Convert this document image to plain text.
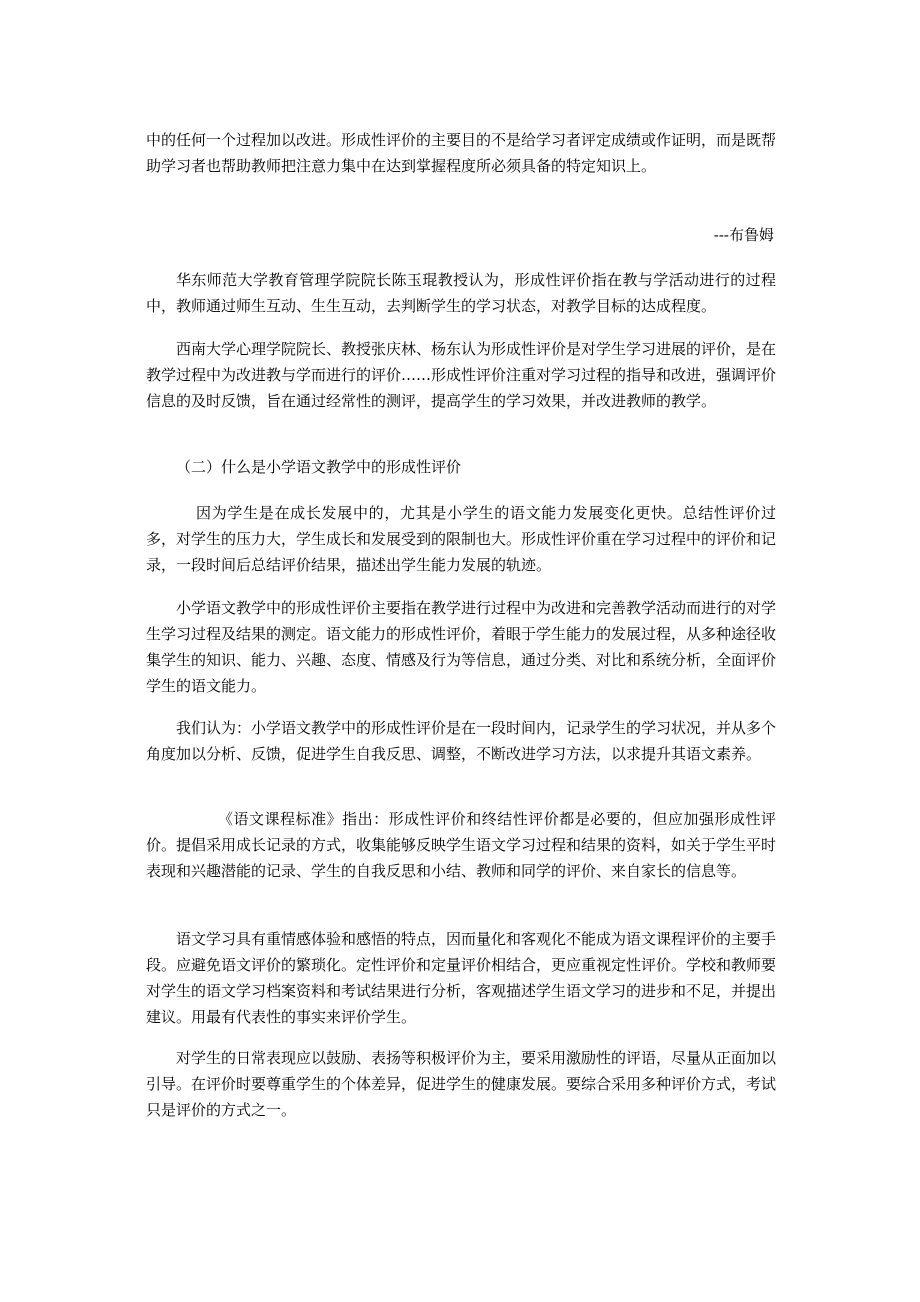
中的任何一个过程加以改进。形成性评价的主要目的不是给学习者评定成绩或作证明，而是既帮助学习者也帮助教师把注意力集中在达到掌握程度所必须具备的特定知识上。
---布鲁姆
华东师范大学教育管理学院院长陈玉琨教授认为，形成性评价指在教与学活动进行的过程中，教师通过师生互动、生生互动，去判断学生的学习状态，对教学目标的达成程度。
西南大学心理学院院长、教授张庆林、杨东认为形成性评价是对学生学习进展的评价，是在教学过程中为改进教与学而进行的评价……形成性评价注重对学习过程的指导和改进，强调评价信息的及时反馈，旨在通过经常性的测评，提高学生的学习效果，并改进教师的教学。
（二）什么是小学语文教学中的形成性评价
因为学生是在成长发展中的，尤其是小学生的语文能力发展变化更快。总结性评价过多，对学生的压力大，学生成长和发展受到的限制也大。形成性评价重在学习过程中的评价和记录，一段时间后总结评价结果，描述出学生能力发展的轨迹。
小学语文教学中的形成性评价主要指在教学进行过程中为改进和完善教学活动而进行的对学生学习过程及结果的测定。语文能力的形成性评价，着眼于学生能力的发展过程，从多种途径收集学生的知识、能力、兴趣、态度、情感及行为等信息，通过分类、对比和系统分析，全面评价学生的语文能力。
我们认为：小学语文教学中的形成性评价是在一段时间内，记录学生的学习状况，并从多个角度加以分析、反馈，促进学生自我反思、调整，不断改进学习方法，以求提升其语文素养。
《语文课程标准》指出：形成性评价和终结性评价都是必要的，但应加强形成性评价。提倡采用成长记录的方式，收集能够反映学生语文学习过程和结果的资料，如关于学生平时表现和兴趣潜能的记录、学生的自我反思和小结、教师和同学的评价、来自家长的信息等。
语文学习具有重情感体验和感悟的特点，因而量化和客观化不能成为语文课程评价的主要手段。应避免语文评价的繁琐化。定性评价和定量评价相结合，更应重视定性评价。学校和教师要对学生的语文学习档案资料和考试结果进行分析，客观描述学生语文学习的进步和不足，并提出建议。用最有代表性的事实来评价学生。
对学生的日常表现应以鼓励、表扬等积极评价为主，要采用激励性的评语，尽量从正面加以引导。在评价时要尊重学生的个体差异，促进学生的健康发展。要综合采用多种评价方式，考试只是评价的方式之一。
